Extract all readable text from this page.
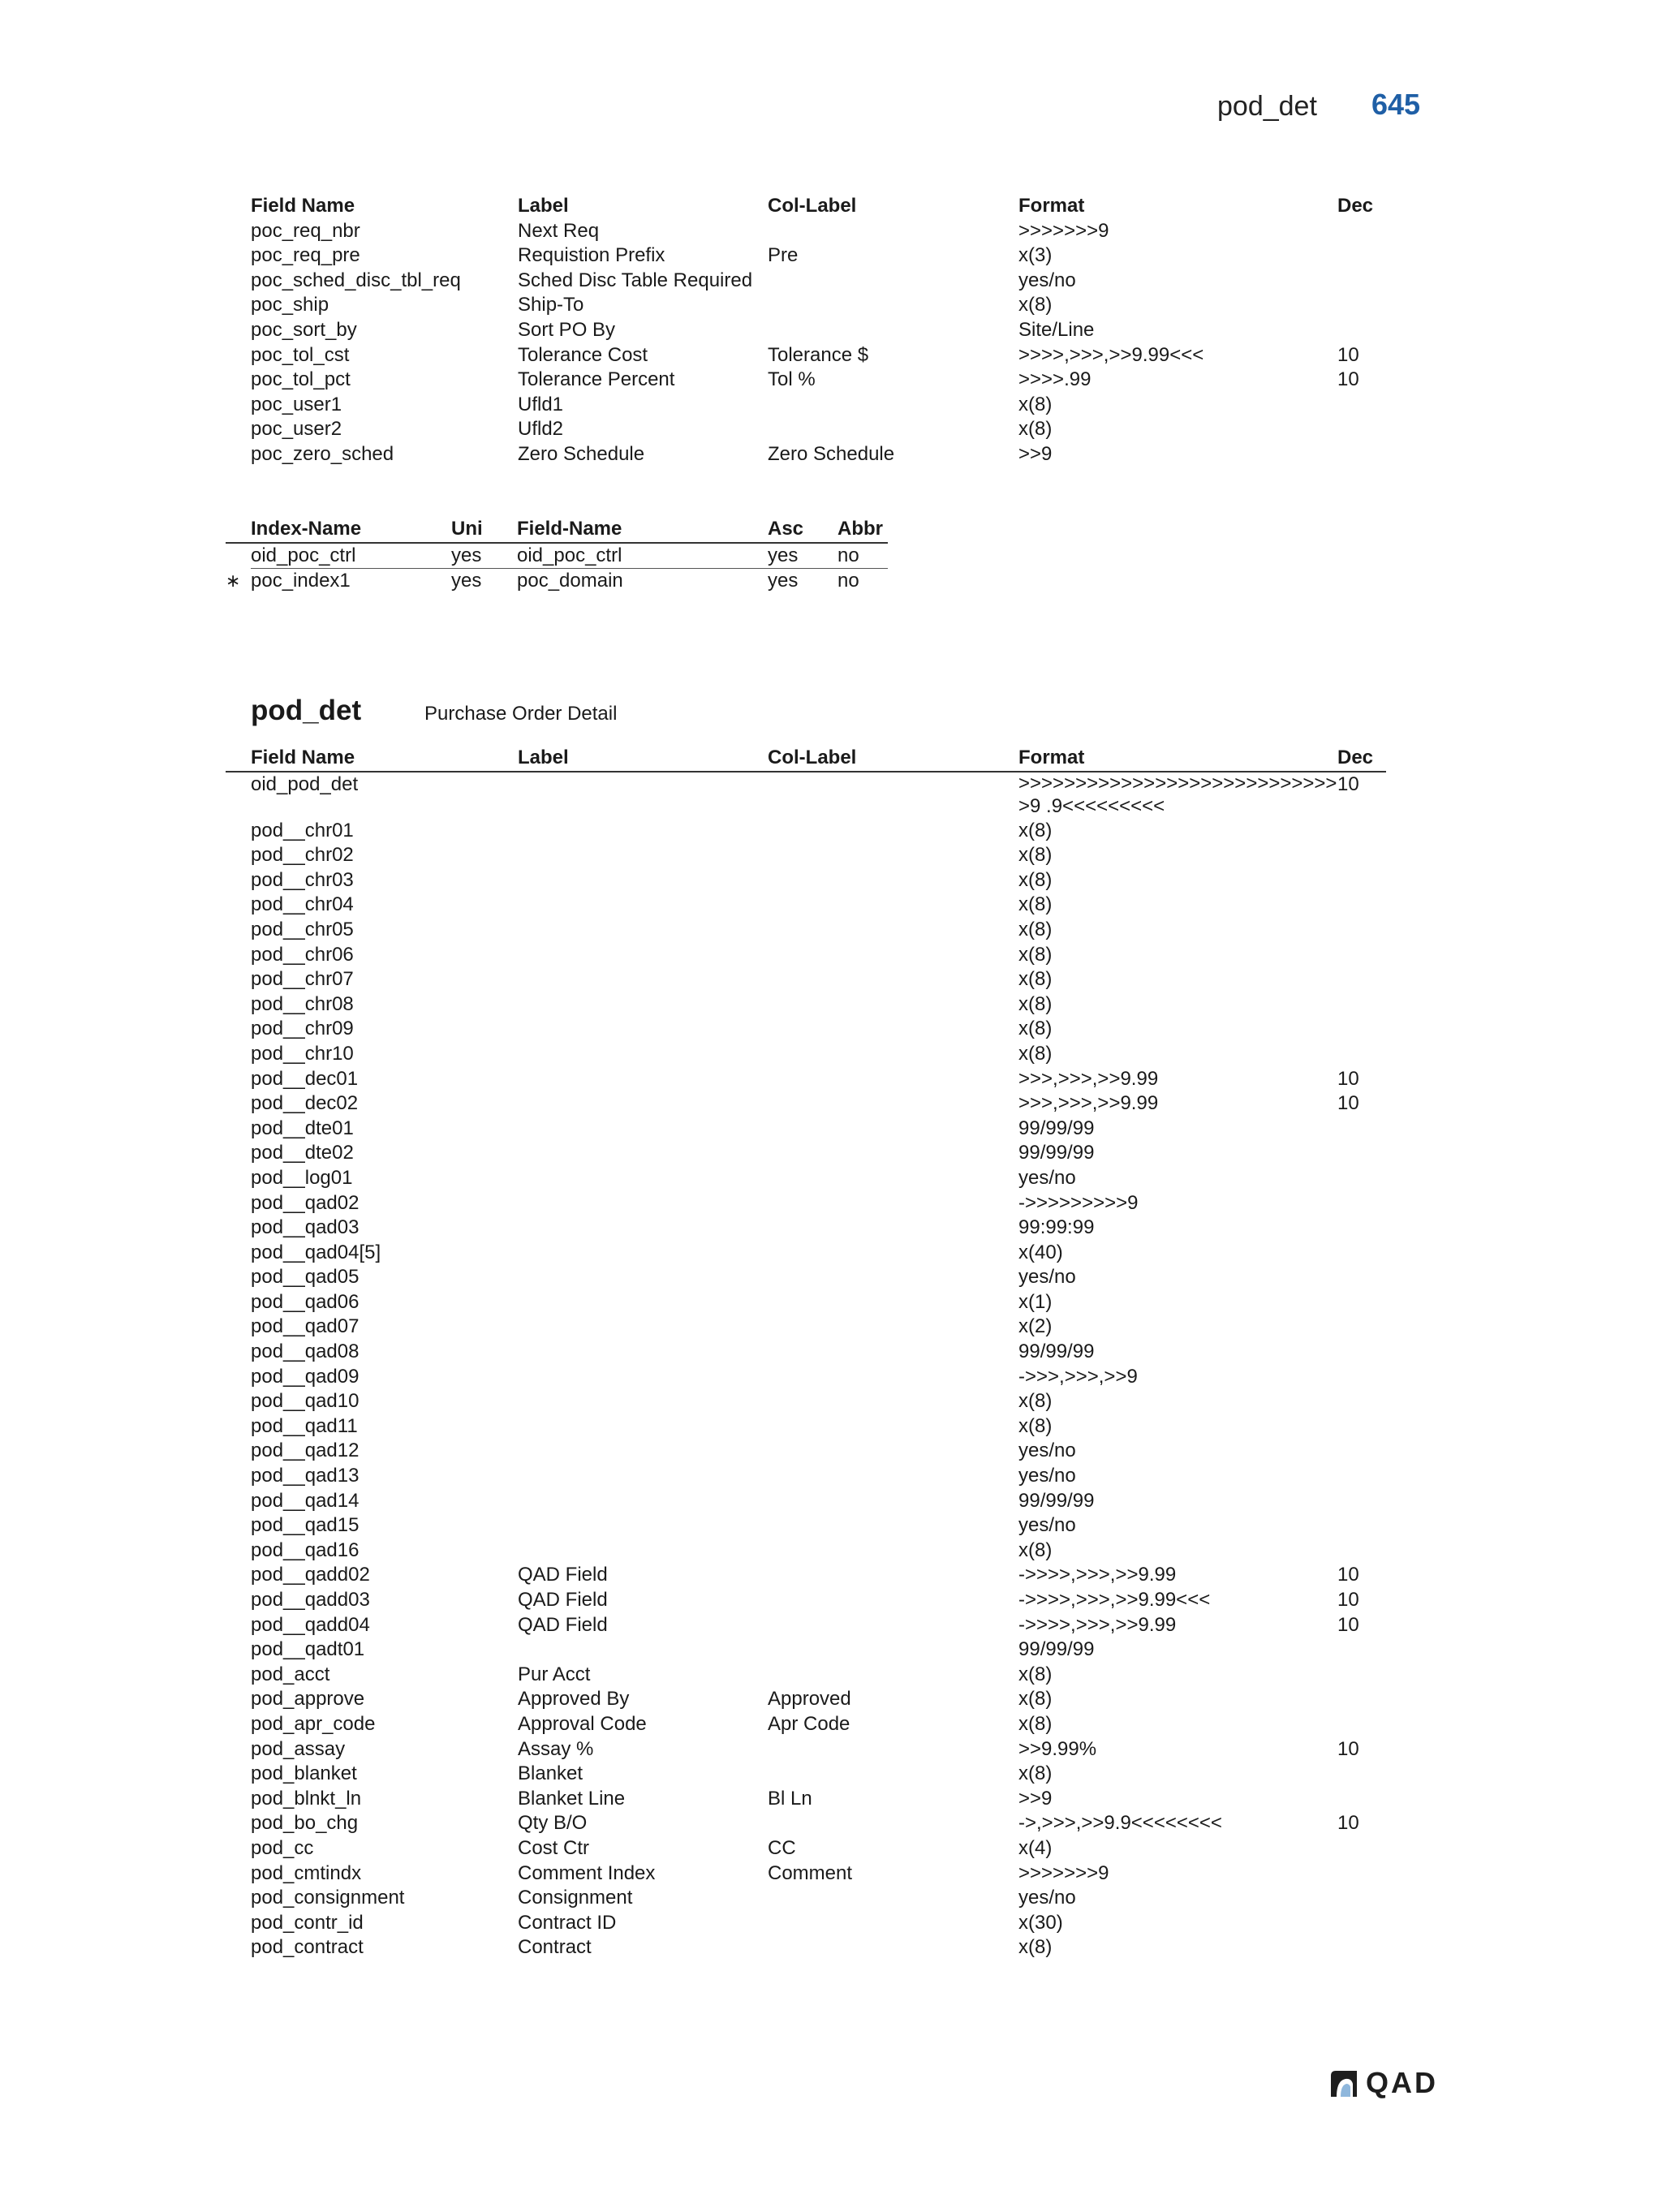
pod_det 645
Field Name	Label	Col-Label	Format	Dec
poc_req_nbr	Next Req		>>>>>>>9	
poc_req_pre	Requistion Prefix	Pre	x(3)	
poc_sched_disc_tbl_req	Sched Disc Table Required		yes/no	
poc_ship	Ship-To		x(8)	
poc_sort_by	Sort PO By		Site/Line	
poc_tol_cst	Tolerance Cost	Tolerance $	>>>>,>>>,>>9.99<<<	10
poc_tol_pct	Tolerance Percent	Tol %	>>>>.99	10
poc_user1	Ufld1		x(8)	
poc_user2	Ufld2		x(8)	
poc_zero_sched	Zero Schedule	Zero Schedule	>>9	
	Index-Name	Uni	Field-Name	Asc	Abbr
	oid_poc_ctrl	yes	oid_poc_ctrl	yes	no
∗	poc_index1	yes	poc_domain	yes	no
pod_det	Purchase Order Detail
	Field Name	Label	Col-Label	Format	Dec
	oid_pod_det			>>>>>>>>>>>>>>>>>>>>>>>>>>>>>9 .9<<<<<<<<<	10
	pod__chr01			x(8)	
	pod__chr02			x(8)	
	pod__chr03			x(8)	
	pod__chr04			x(8)	
	pod__chr05			x(8)	
	pod__chr06			x(8)	
	pod__chr07			x(8)	
	pod__chr08			x(8)	
	pod__chr09			x(8)	
	pod__chr10			x(8)	
	pod__dec01			>>>,>>>,>>9.99	10
	pod__dec02			>>>,>>>,>>9.99	10
	pod__dte01			99/99/99	
	pod__dte02			99/99/99	
	pod__log01			yes/no	
	pod__qad02			->>>>>>>>>9	
	pod__qad03			99:99:99	
	pod__qad04[5]			x(40)	
	pod__qad05			yes/no	
	pod__qad06			x(1)	
	pod__qad07			x(2)	
	pod__qad08			99/99/99	
	pod__qad09			->>>,>>>,>>9	
	pod__qad10			x(8)	
	pod__qad11			x(8)	
	pod__qad12			yes/no	
	pod__qad13			yes/no	
	pod__qad14			99/99/99	
	pod__qad15			yes/no	
	pod__qad16			x(8)	
	pod__qadd02	QAD Field		->>>>,>>>,>>9.99	10
	pod__qadd03	QAD Field		->>>>,>>>,>>9.99<<<	10
	pod__qadd04	QAD Field		->>>>,>>>,>>9.99	10
	pod__qadt01			99/99/99	
	pod_acct	Pur Acct		x(8)	
	pod_approve	Approved By	Approved	x(8)	
	pod_apr_code	Approval Code	Apr Code	x(8)	
	pod_assay	Assay %		>>9.99%	10
	pod_blanket	Blanket		x(8)	
	pod_blnkt_ln	Blanket Line	Bl Ln	>>9	
	pod_bo_chg	Qty B/O		->,>>>,>>9.9<<<<<<<<	10
	pod_cc	Cost Ctr	CC	x(4)	
	pod_cmtindx	Comment Index	Comment	>>>>>>>9	
	pod_consignment	Consignment		yes/no	
	pod_contr_id	Contract ID		x(30)	
	pod_contract	Contract		x(8)	
QAD
